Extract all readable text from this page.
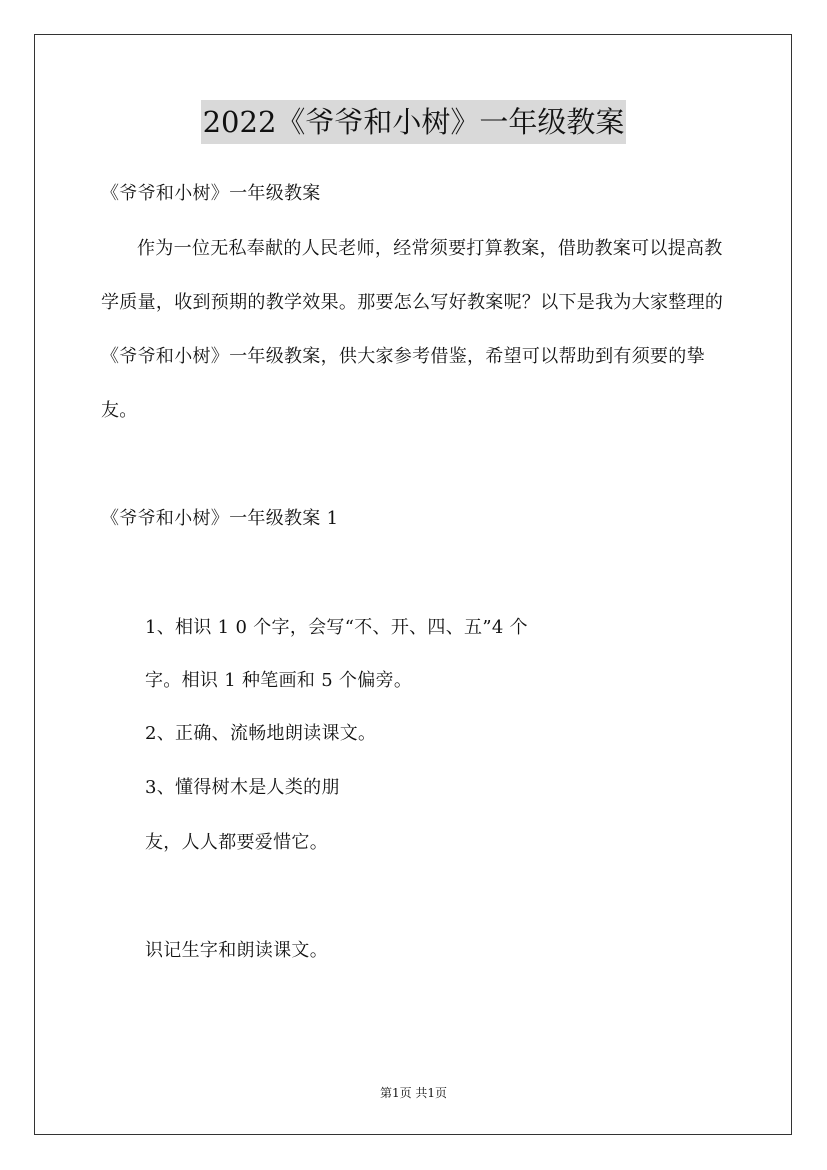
2022《爷爷和小树》一年级教案
《爷爷和小树》一年级教案

作为一位无私奉献的人民老师，经常须要打算教案，借助教案可以提高教学质量，收到预期的教学效果。那要怎么写好教案呢？以下是我为大家整理的《爷爷和小树》一年级教案，供大家参考借鉴，希望可以帮助到有须要的挚友。

《爷爷和小树》一年级教案 1
1、相识 1 0 个字，会写“不、开、四、五”4 个
字。相识 1 种笔画和 5 个偏旁。
2、正确、流畅地朗读课文。
3、懂得树木是人类的朋
友，人人都要爱惜它。
识记生字和朗读课文。
第1页 共1页
